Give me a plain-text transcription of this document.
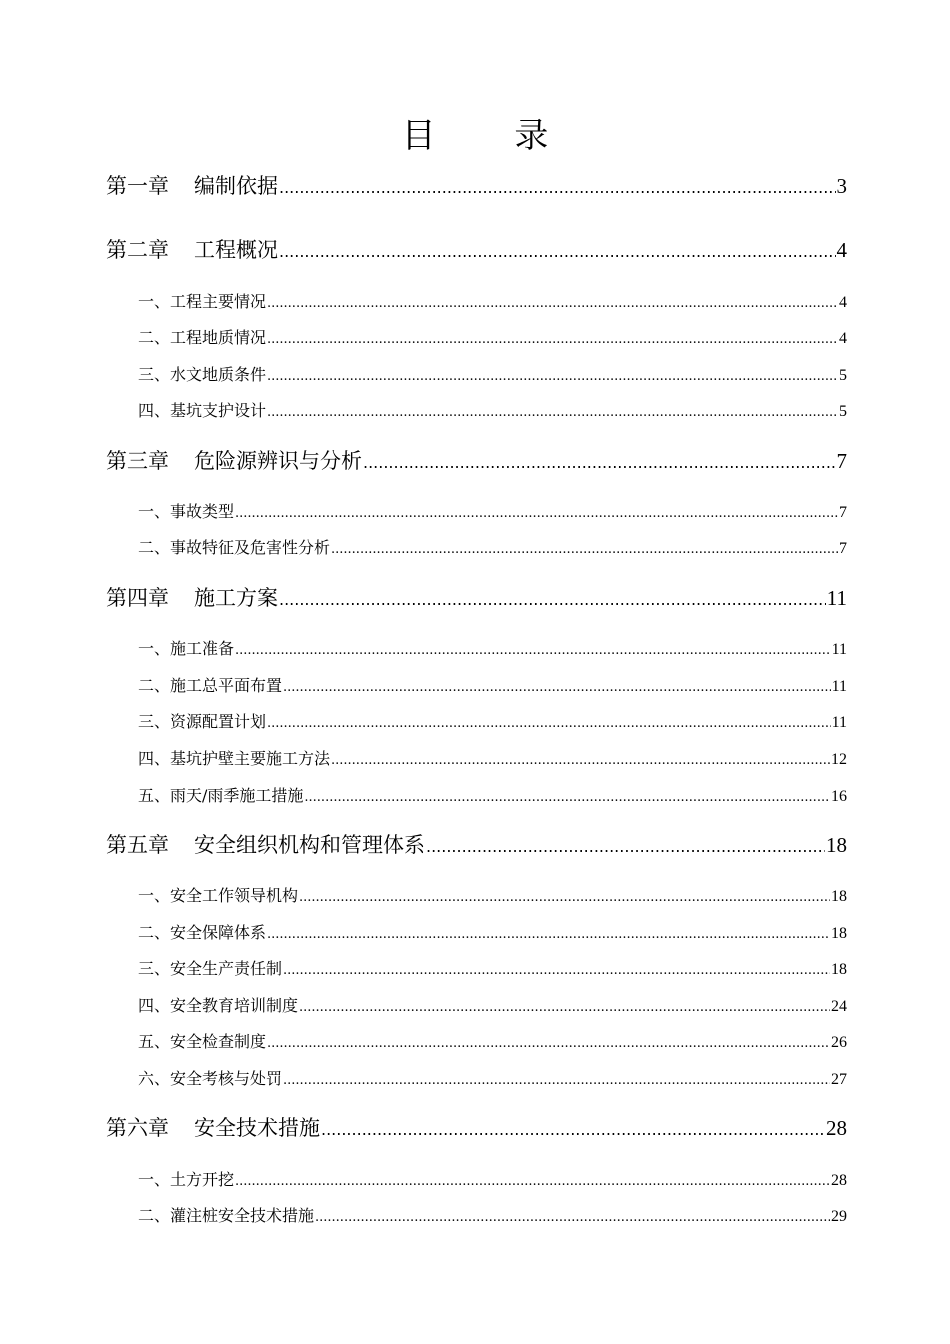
目 录
第一章 编制依据 .....	3
第二章 工程概况 .....	4
一、工程主要情况 .....	4
二、工程地质情况 .....	4
三、水文地质条件 .....	5
四、基坑支护设计 .....	5
第三章 危险源辨识与分析 .....	7
一、事故类型 .....	7
二、事故特征及危害性分析 .....	7
第四章 施工方案 .....	11
一、施工准备 .....	11
二、施工总平面布置 .....	11
三、资源配置计划 .....	11
四、基坑护壁主要施工方法 .....	12
五、雨天/雨季施工措施 .....	16
第五章 安全组织机构和管理体系 .....	18
一、安全工作领导机构 .....	18
二、安全保障体系 .....	18
三、安全生产责任制 .....	18
四、安全教育培训制度 .....	24
五、安全检查制度 .....	26
六、安全考核与处罚 .....	27
第六章 安全技术措施 .....	28
一、土方开挖 .....	28
二、灌注桩安全技术措施 .....	29
